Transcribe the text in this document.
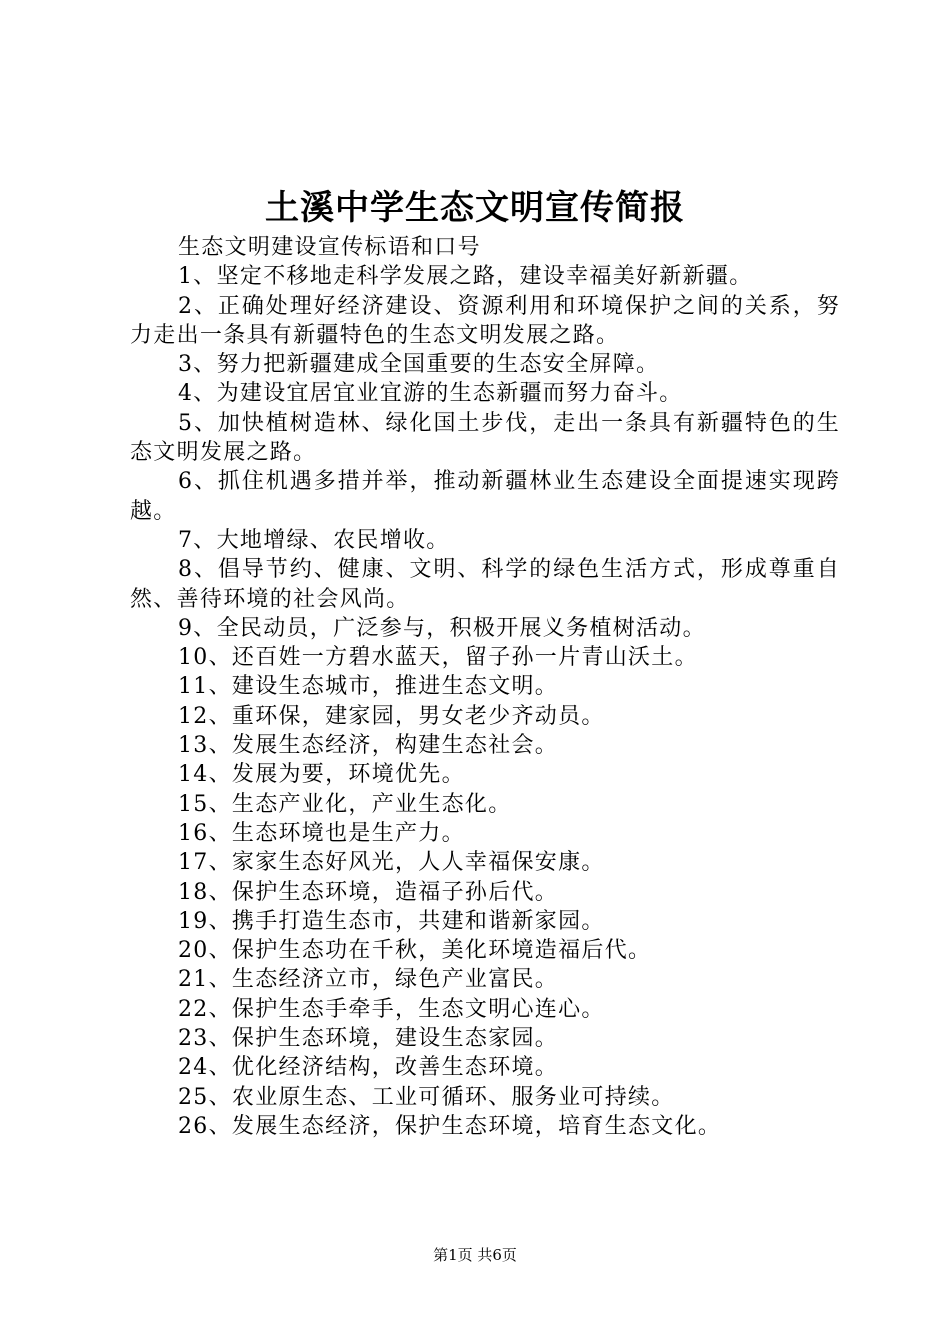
土溪中学生态文明宣传简报

生态文明建设宣传标语和口号

1、坚定不移地走科学发展之路，建设幸福美好新新疆。

2、正确处理好经济建设、资源利用和环境保护之间的关系，努力走出一条具有新疆特色的生态文明发展之路。

3、努力把新疆建成全国重要的生态安全屏障。

4、为建设宜居宜业宜游的生态新疆而努力奋斗。

5、加快植树造林、绿化国土步伐，走出一条具有新疆特色的生态文明发展之路。

6、抓住机遇多措并举，推动新疆林业生态建设全面提速实现跨越。

7、大地增绿、农民增收。

8、倡导节约、健康、文明、科学的绿色生活方式，形成尊重自然、善待环境的社会风尚。

9、全民动员，广泛参与，积极开展义务植树活动。

10、还百姓一方碧水蓝天，留子孙一片青山沃土。

11、建设生态城市，推进生态文明。

12、重环保，建家园，男女老少齐动员。

13、发展生态经济，构建生态社会。

14、发展为要，环境优先。

15、生态产业化，产业生态化。

16、生态环境也是生产力。

17、家家生态好风光，人人幸福保安康。

18、保护生态环境，造福子孙后代。

19、携手打造生态市，共建和谐新家园。

20、保护生态功在千秋，美化环境造福后代。

21、生态经济立市，绿色产业富民。

22、保护生态手牵手，生态文明心连心。

23、保护生态环境，建设生态家园。

24、优化经济结构，改善生态环境。

25、农业原生态、工业可循环、服务业可持续。

26、发展生态经济，保护生态环境，培育生态文化。

第1页 共6页
